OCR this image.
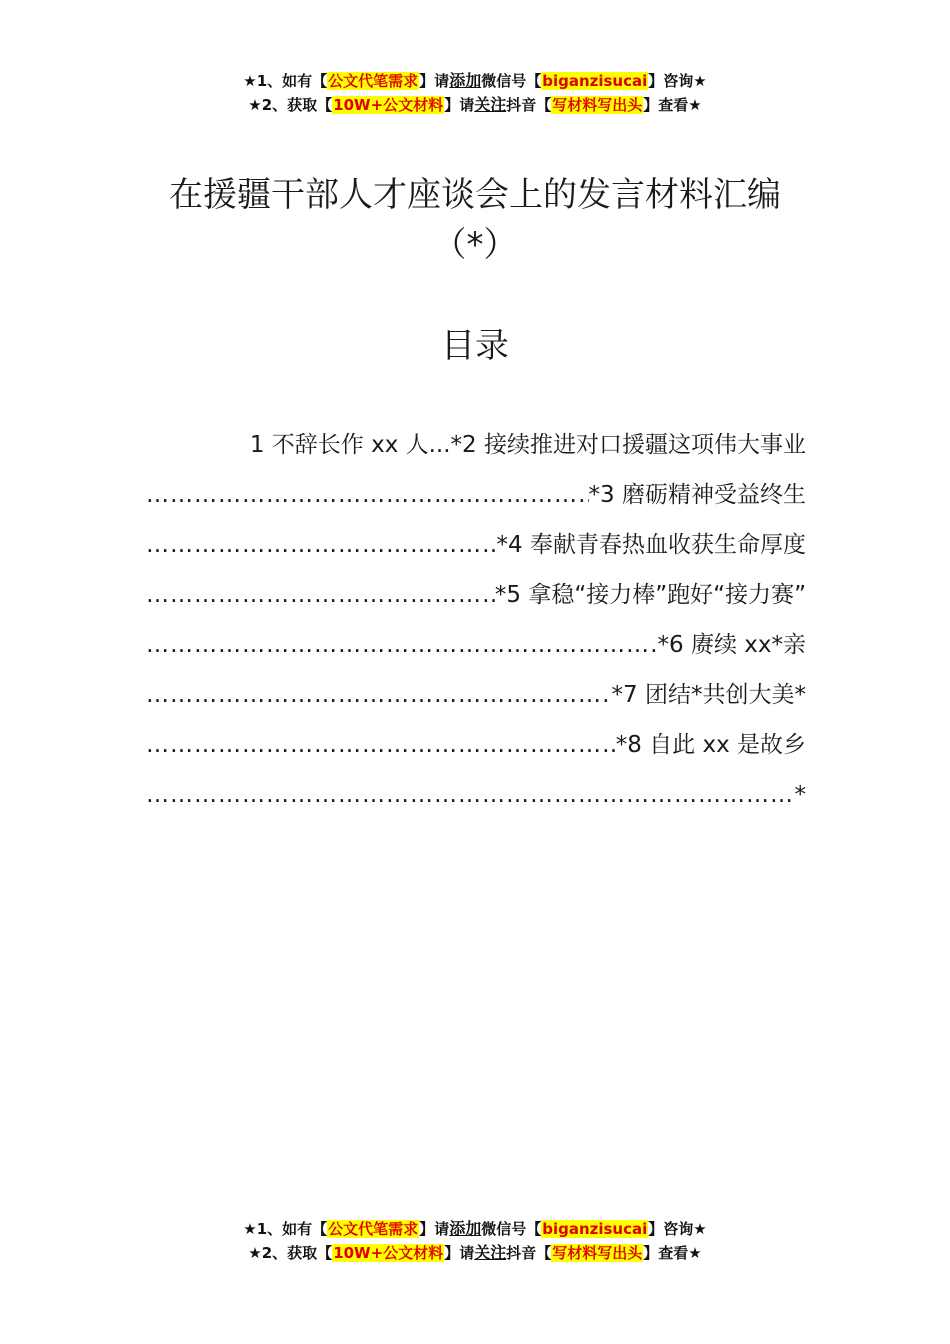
★1、如有【公文代笔需求】请添加微信号【biganzisucai】咨询★
★2、获取【10W+公文材料】请关注抖音【写材料写出头】查看★
在援疆干部人才座谈会上的发言材料汇编
（*）
目录
1 不辞长作 xx 人...*2 接续推进对口援疆这项伟大事业
……………………………………………………………………………………………………………………………………………………………
*3 磨砺精神受益终生
……………………………………………………………………………………………………………………………………………………………
*4 奉献青春热血收获生命厚度
……………………………………………………………………………………………………………………………………………………………
*5 拿稳“接力棒”跑好“接力赛”
……………………………………………………………………………………………………………………………………………………………
*6 赓续 xx*亲
……………………………………………………………………………………………………………………………………………………………
*7 团结*共创大美*
……………………………………………………………………………………………………………………………………………………………
*8 自此 xx 是故乡
……………………………………………………………………………………………………………………………………………………………
*
★1、如有【公文代笔需求】请添加微信号【biganzisucai】咨询★
★2、获取【10W+公文材料】请关注抖音【写材料写出头】查看★
